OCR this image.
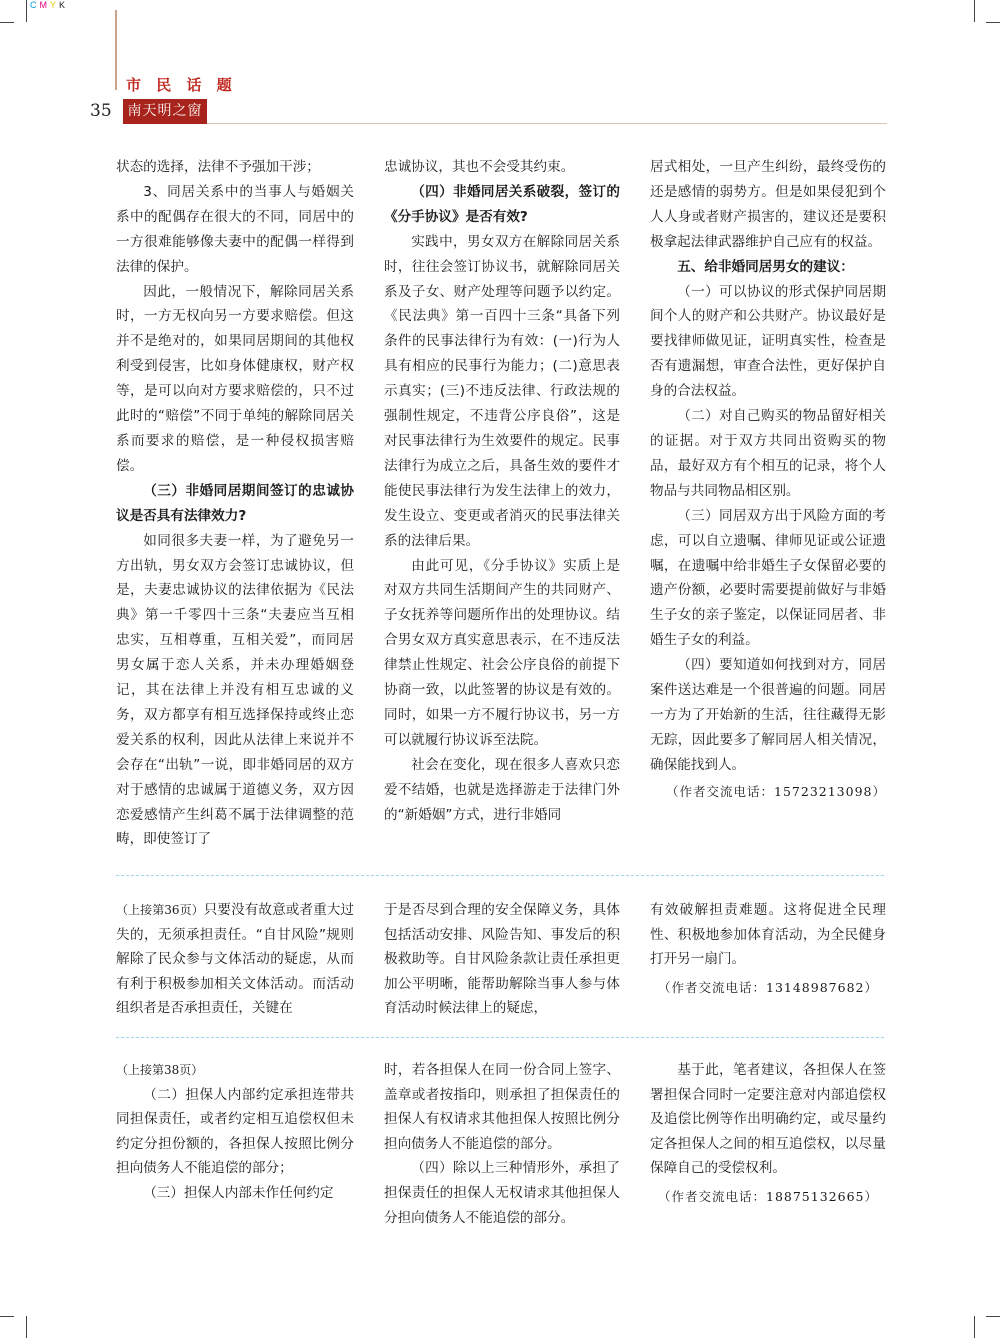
CMYK
市 民 话 题
35	南天明之窗

状态的选择，法律不予强加干涉；

3、同居关系中的当事人与婚姻关系中的配偶存在很大的不同，同居中的一方很难能够像夫妻中的配偶一样得到法律的保护。

因此，一般情况下，解除同居关系时，一方无权向另一方要求赔偿。但这并不是绝对的，如果同居期间的其他权利受到侵害，比如身体健康权，财产权等，是可以向对方要求赔偿的，只不过此时的“赔偿”不同于单纯的解除同居关系而要求的赔偿，是一种侵权损害赔偿。

（三）非婚同居期间签订的忠诚协议是否具有法律效力?

如同很多夫妻一样，为了避免另一方出轨，男女双方会签订忠诚协议，但是，夫妻忠诚协议的法律依据为《民法典》第一千零四十三条“夫妻应当互相忠实，互相尊重，互相关爱”，而同居男女属于恋人关系，并未办理婚姻登记，其在法律上并没有相互忠诚的义务，双方都享有相互选择保持或终止恋爱关系的权利，因此从法律上来说并不会存在“出轨”一说，即非婚同居的双方对于感情的忠诚属于道德义务，双方因恋爱感情产生纠葛不属于法律调整的范畴，即使签订了

忠诚协议，其也不会受其约束。

（四）非婚同居关系破裂，签订的《分手协议》是否有效?

实践中，男女双方在解除同居关系时，往往会签订协议书，就解除同居关系及子女、财产处理等问题予以约定。《民法典》第一百四十三条“具备下列条件的民事法律行为有效：(一)行为人具有相应的民事行为能力；(二)意思表示真实；(三)不违反法律、行政法规的强制性规定，不违背公序良俗”，这是对民事法律行为生效要件的规定。民事法律行为成立之后，具备生效的要件才能使民事法律行为发生法律上的效力，发生设立、变更或者消灭的民事法律关系的法律后果。

由此可见，《分手协议》实质上是对双方共同生活期间产生的共同财产、子女抚养等问题所作出的处理协议。结合男女双方真实意思表示，在不违反法律禁止性规定、社会公序良俗的前提下协商一致，以此签署的协议是有效的。同时，如果一方不履行协议书，另一方可以就履行协议诉至法院。

社会在变化，现在很多人喜欢只恋爱不结婚，也就是选择游走于法律门外的“新婚姻”方式，进行非婚同

居式相处，一旦产生纠纷，最终受伤的还是感情的弱势方。但是如果侵犯到个人人身或者财产损害的，建议还是要积极拿起法律武器维护自己应有的权益。

五、给非婚同居男女的建议：

（一）可以协议的形式保护同居期间个人的财产和公共财产。协议最好是要找律师做见证，证明真实性，检查是否有遗漏想，审查合法性，更好保护自身的合法权益。

（二）对自己购买的物品留好相关的证据。对于双方共同出资购买的物品，最好双方有个相互的记录，将个人物品与共同物品相区别。

（三）同居双方出于风险方面的考虑，可以自立遗嘱、律师见证或公证遗嘱，在遗嘱中给非婚生子女保留必要的遗产份额，必要时需要提前做好与非婚生子女的亲子鉴定，以保证同居者、非婚生子女的利益。

（四）要知道如何找到对方，同居案件送达难是一个很普遍的问题。同居一方为了开始新的生活，往往藏得无影无踪，因此要多了解同居人相关情况，确保能找到人。

（作者交流电话：15723213098）

（上接第36页）只要没有故意或者重大过失的，无须承担责任。“自甘风险”规则解除了民众参与文体活动的疑虑，从而有利于积极参加相关文体活动。而活动组织者是否承担责任，关键在

于是否尽到合理的安全保障义务，具体包括活动安排、风险告知、事发后的积极救助等。自甘风险条款让责任承担更加公平明晰，能帮助解除当事人参与体育活动时候法律上的疑虑，

有效破解担责难题。这将促进全民理性、积极地参加体育活动，为全民健身打开另一扇门。

（作者交流电话：13148987682）

（上接第38页）

（二）担保人内部约定承担连带共同担保责任，或者约定相互追偿权但未约定分担份额的，各担保人按照比例分担向债务人不能追偿的部分；

（三）担保人内部未作任何约定

时，若各担保人在同一份合同上签字、盖章或者按指印，则承担了担保责任的担保人有权请求其他担保人按照比例分担向债务人不能追偿的部分。

（四）除以上三种情形外，承担了担保责任的担保人无权请求其他担保人分担向债务人不能追偿的部分。

基于此，笔者建议，各担保人在签署担保合同时一定要注意对内部追偿权及追偿比例等作出明确约定，或尽量约定各担保人之间的相互追偿权，以尽量保障自己的受偿权利。

（作者交流电话：18875132665）
